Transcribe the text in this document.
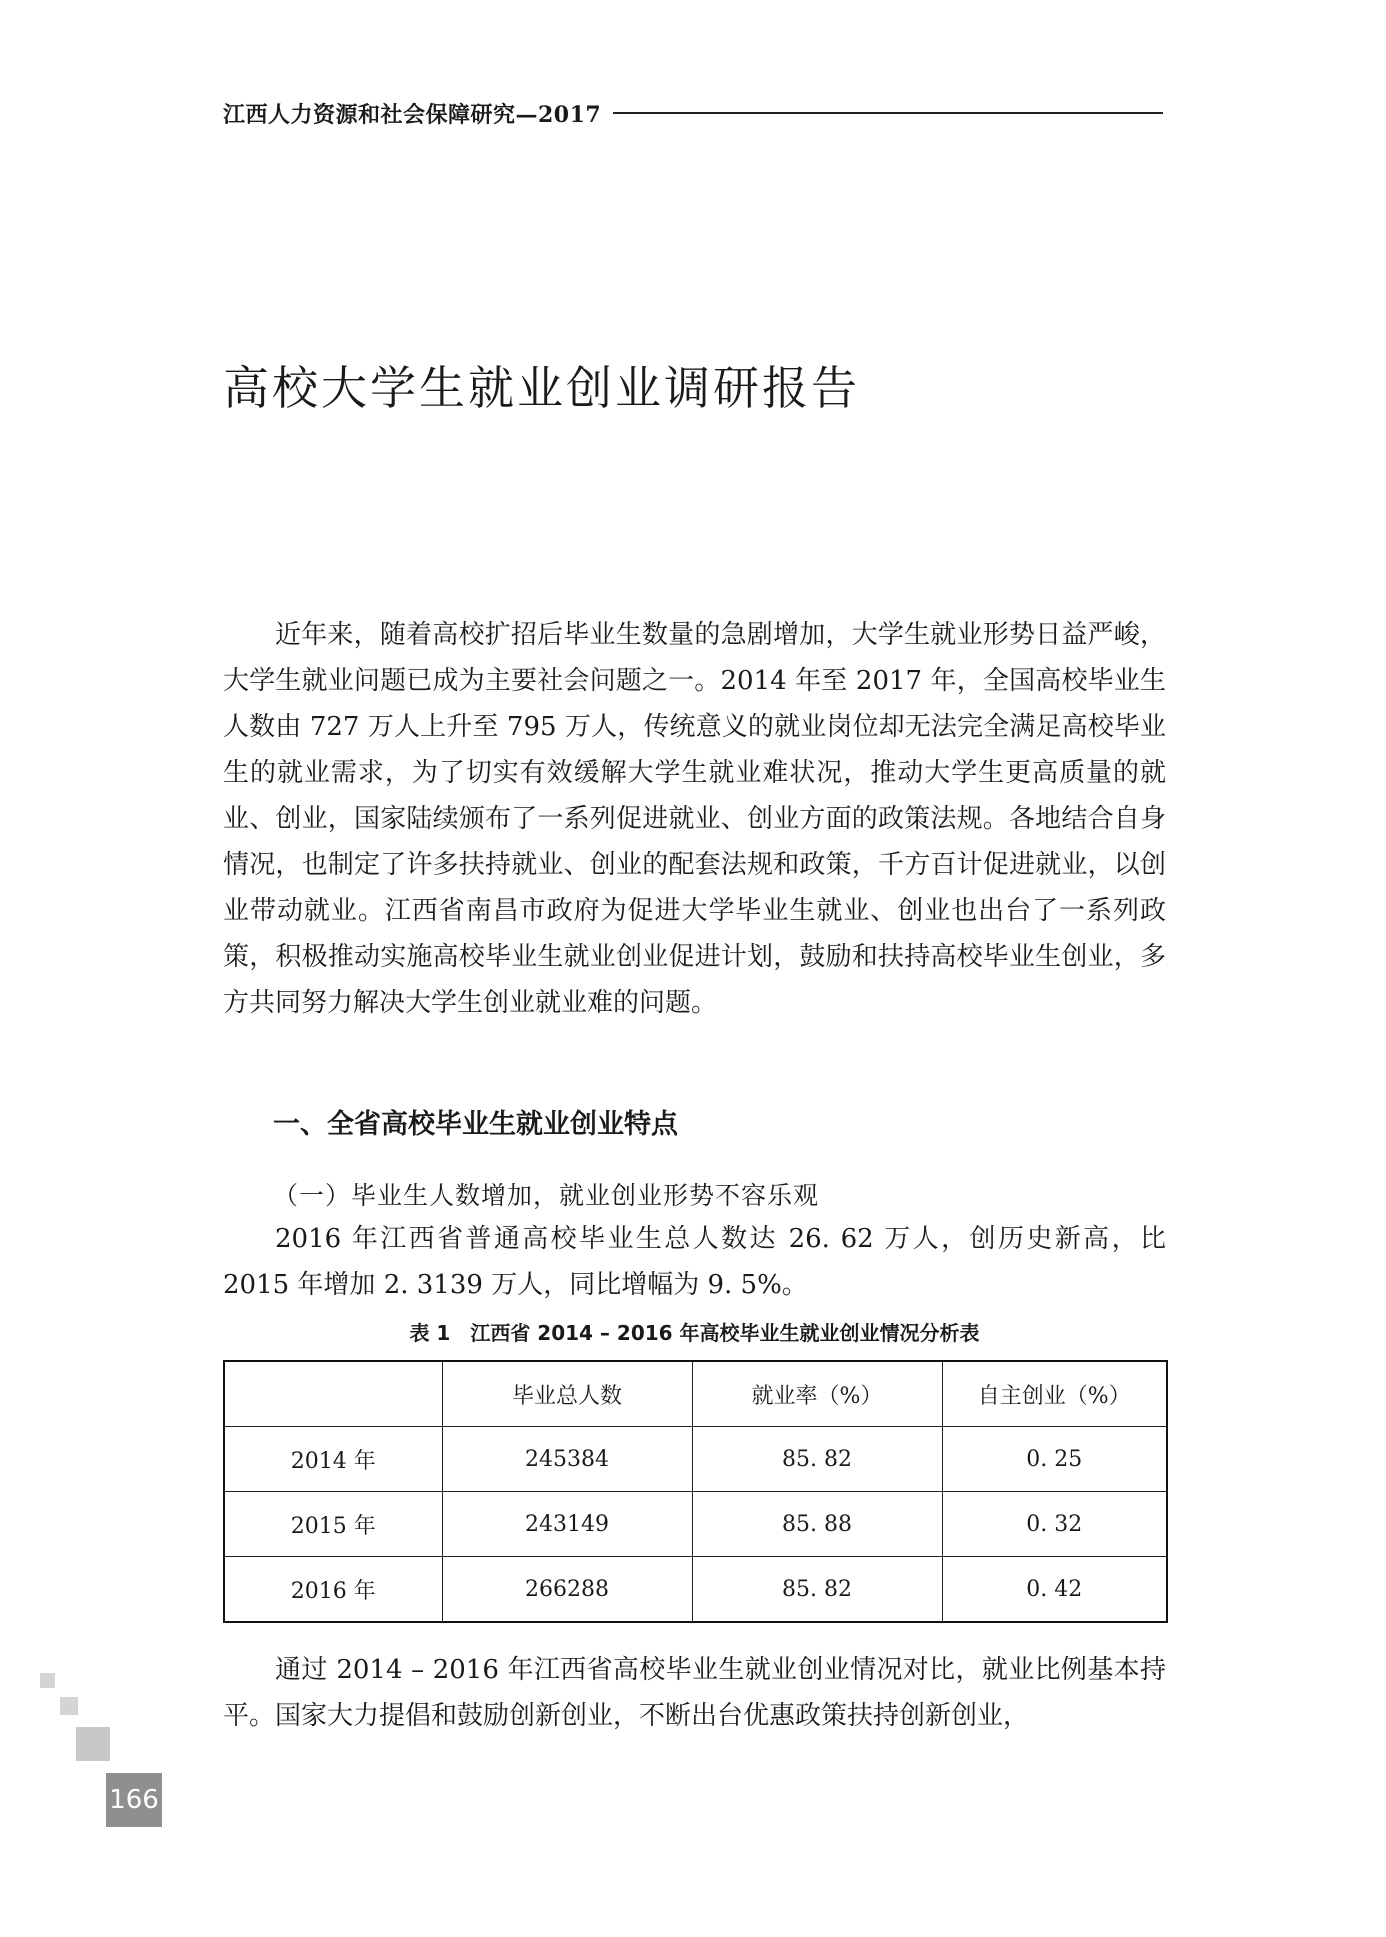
江西人力资源和社会保障研究—2017
高校大学生就业创业调研报告
近年来，随着高校扩招后毕业生数量的急剧增加，大学生就业形势日益严峻，大学生就业问题已成为主要社会问题之一。2014 年至 2017 年，全国高校毕业生人数由 727 万人上升至 795 万人，传统意义的就业岗位却无法完全满足高校毕业生的就业需求，为了切实有效缓解大学生就业难状况，推动大学生更高质量的就业、创业，国家陆续颁布了一系列促进就业、创业方面的政策法规。各地结合自身情况，也制定了许多扶持就业、创业的配套法规和政策，千方百计促进就业，以创业带动就业。江西省南昌市政府为促进大学毕业生就业、创业也出台了一系列政策，积极推动实施高校毕业生就业创业促进计划，鼓励和扶持高校毕业生创业，多方共同努力解决大学生创业就业难的问题。
一、全省高校毕业生就业创业特点
（一）毕业生人数增加，就业创业形势不容乐观
2016 年江西省普通高校毕业生总人数达 26. 62 万人，创历史新高，比 2015 年增加 2. 3139 万人，同比增幅为 9. 5%。
表 1　江西省 2014 – 2016 年高校毕业生就业创业情况分析表
	毕业总人数	就业率（%）	自主创业（%）
2014 年	245384	85. 82	0. 25
2015 年	243149	85. 88	0. 32
2016 年	266288	85. 82	0. 42
通过 2014 – 2016 年江西省高校毕业生就业创业情况对比，就业比例基本持平。国家大力提倡和鼓励创新创业，不断出台优惠政策扶持创新创业，
166
